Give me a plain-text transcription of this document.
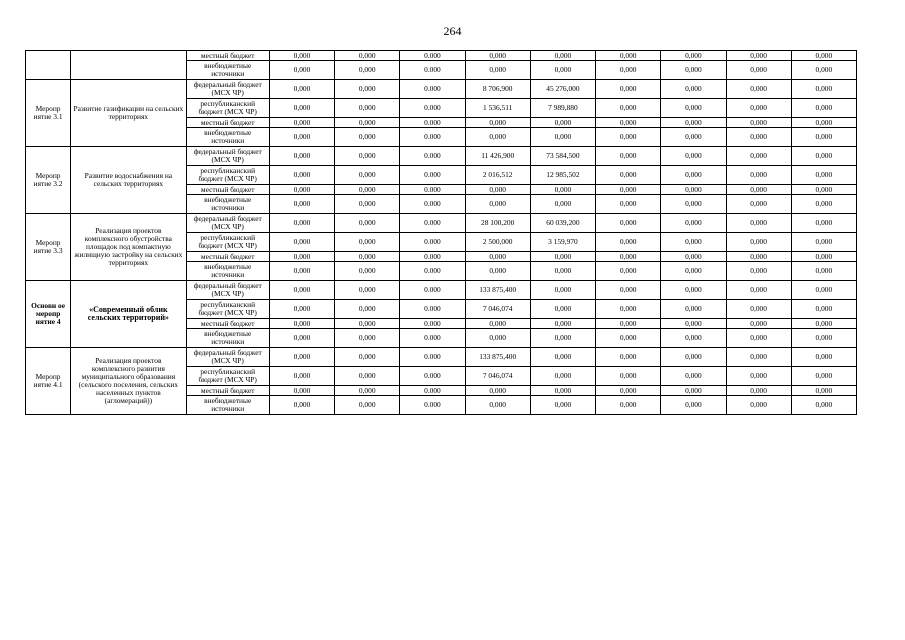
264
		местный бюджет	0,000	0,000	0.000	0,000	0,000	0,000	0,000	0,000	0,000
		внебюджетные источники	0,000	0,000	0.000	0,000	0,000	0,000	0,000	0,000	0,000
Меропр иятие 3.1	Развитие газификации на сельских территориях	федеральный бюджет (МСХ ЧР)	0,000	0,000	0.000	8 706,900	45 276,000	0,000	0,000	0,000	0,000
		республиканский бюджет (МСХ ЧР)	0,000	0,000	0.000	1 536,511	7 989,880	0,000	0,000	0,000	0,000
		местный бюджет	0,000	0,000	0.000	0,000	0,000	0,000	0,000	0,000	0,000
		внебюджетные источники	0,000	0,000	0.000	0,000	0,000	0,000	0,000	0,000	0,000
Меропр иятие 3.2	Развитие водоснабжения на сельских территориях	федеральный бюджет (МСХ ЧР)	0,000	0,000	0.000	11 426,900	73 584,500	0,000	0,000	0,000	0,000
		республиканский бюджет (МСХ ЧР)	0,000	0,000	0.000	2 016,512	12 985,502	0,000	0,000	0,000	0,000
		местный бюджет	0,000	0,000	0.000	0,000	0,000	0,000	0,000	0,000	0,000
		внебюджетные источники	0,000	0,000	0.000	0,000	0,000	0,000	0,000	0,000	0,000
Меропр иятие 3.3	Реализация проектов комплексного обустройства площадок под компактную жилищную застройку на сельских территориях	федеральный бюджет (МСХ ЧР)	0,000	0,000	0.000	28 100,200	60 039,200	0,000	0,000	0,000	0,000
		республиканский бюджет (МСХ ЧР)	0,000	0,000	0.000	2 500,000	3 159,970	0,000	0,000	0,000	0,000
		местный бюджет	0,000	0,000	0.000	0,000	0,000	0,000	0,000	0,000	0,000
		внебюджетные источники	0,000	0,000	0.000	0,000	0,000	0,000	0,000	0,000	0,000
Основн ое меропр иятие 4	«Современный облик сельских территорий»	федеральный бюджет (МСХ ЧР)	0,000	0,000	0.000	133 875,400	0,000	0,000	0,000	0,000	0,000
		республиканский бюджет (МСХ ЧР)	0,000	0,000	0.000	7 046,074	0,000	0,000	0,000	0,000	0,000
		местный бюджет	0,000	0,000	0.000	0,000	0,000	0,000	0,000	0,000	0,000
		внебюджетные источники	0,000	0,000	0.000	0,000	0,000	0,000	0,000	0,000	0,000
Меропр иятие 4.1	Реализация проектов комплексного развития муниципального образования (сельского поселения, сельских населенных пунктов (агломераций))	федеральный бюджет (МСХ ЧР)	0,000	0,000	0.000	133 875,400	0,000	0,000	0,000	0,000	0,000
		республиканский бюджет (МСХ ЧР)	0,000	0,000	0.000	7 046,074	0,000	0,000	0,000	0,000	0,000
		местный бюджет	0,000	0,000	0.000	0,000	0,000	0,000	0,000	0,000	0,000
		внебюджетные источники	0,000	0,000	0.000	0,000	0,000	0,000	0,000	0,000	0,000
